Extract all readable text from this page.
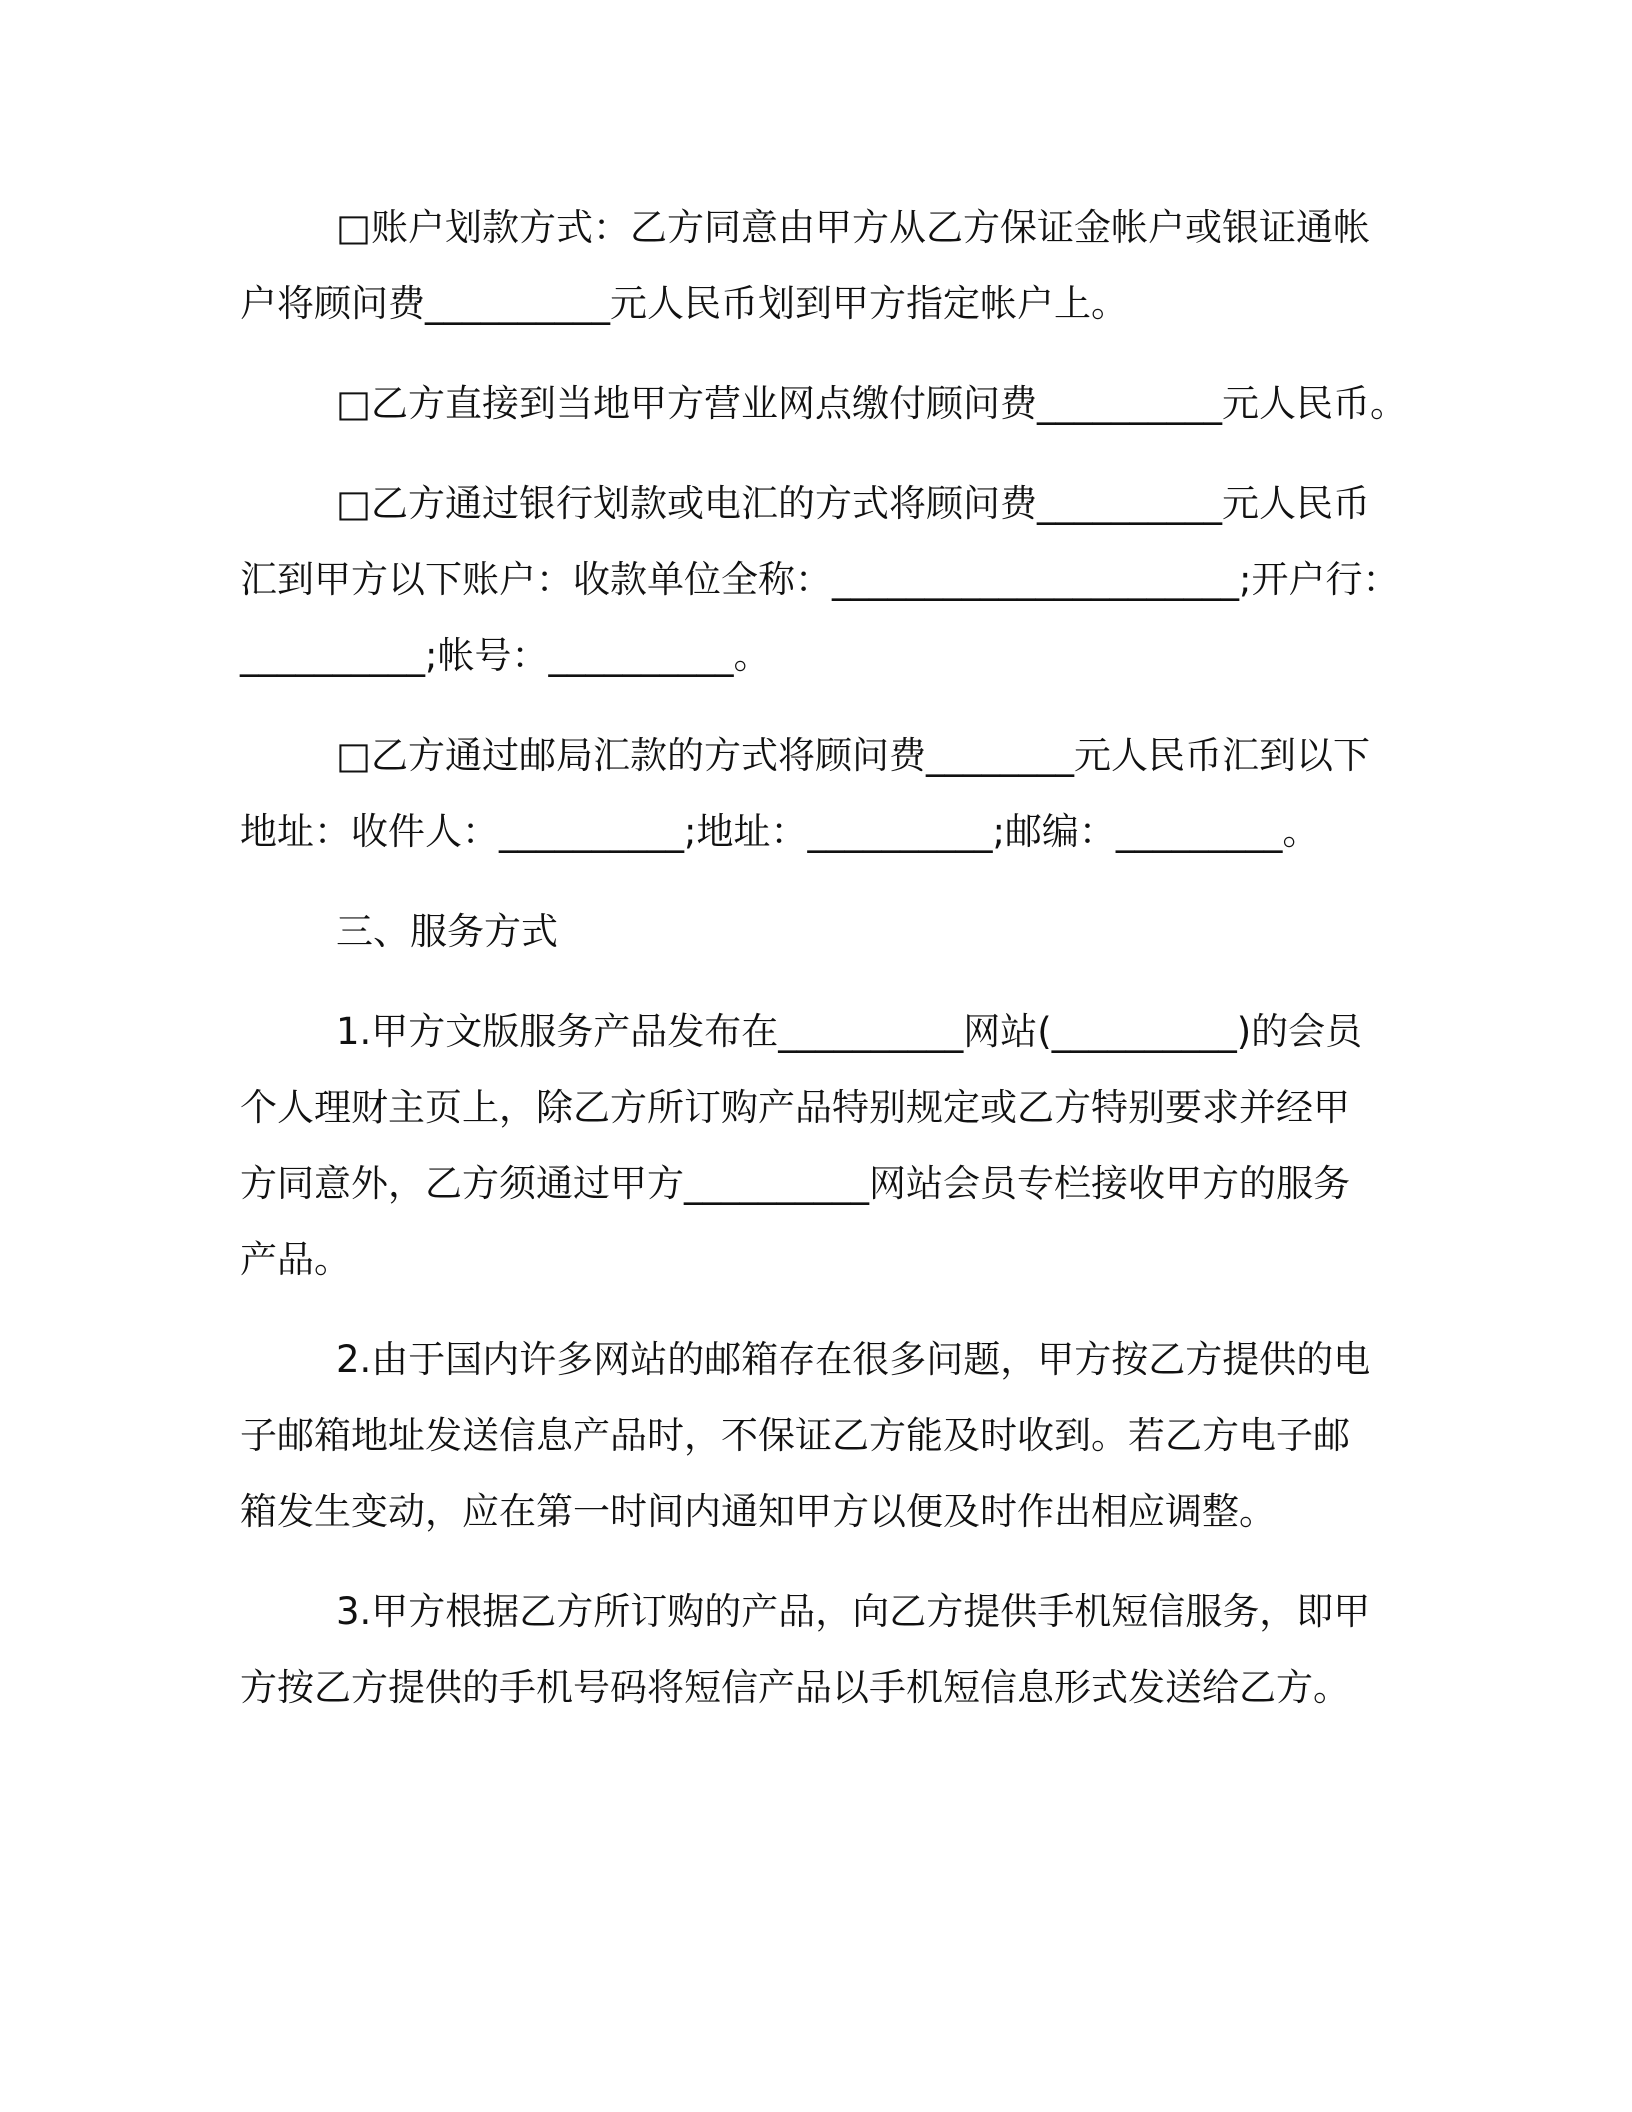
□账户划款方式：乙方同意由甲方从乙方保证金帐户或银证通帐
户将顾问费__________元人民币划到甲方指定帐户上。

□乙方直接到当地甲方营业网点缴付顾问费__________元人民币。

□乙方通过银行划款或电汇的方式将顾问费__________元人民币
汇到甲方以下账户：收款单位全称：______________________;开户行：
__________;帐号：__________。

□乙方通过邮局汇款的方式将顾问费________元人民币汇到以下
地址：收件人：__________;地址：__________;邮编：_________。

三、服务方式

1.甲方文版服务产品发布在__________网站(__________)的会员
个人理财主页上，除乙方所订购产品特别规定或乙方特别要求并经甲
方同意外，乙方须通过甲方__________网站会员专栏接收甲方的服务
产品。

2.由于国内许多网站的邮箱存在很多问题，甲方按乙方提供的电
子邮箱地址发送信息产品时，不保证乙方能及时收到。若乙方电子邮
箱发生变动，应在第一时间内通知甲方以便及时作出相应调整。

3.甲方根据乙方所订购的产品，向乙方提供手机短信服务，即甲
方按乙方提供的手机号码将短信产品以手机短信息形式发送给乙方。
